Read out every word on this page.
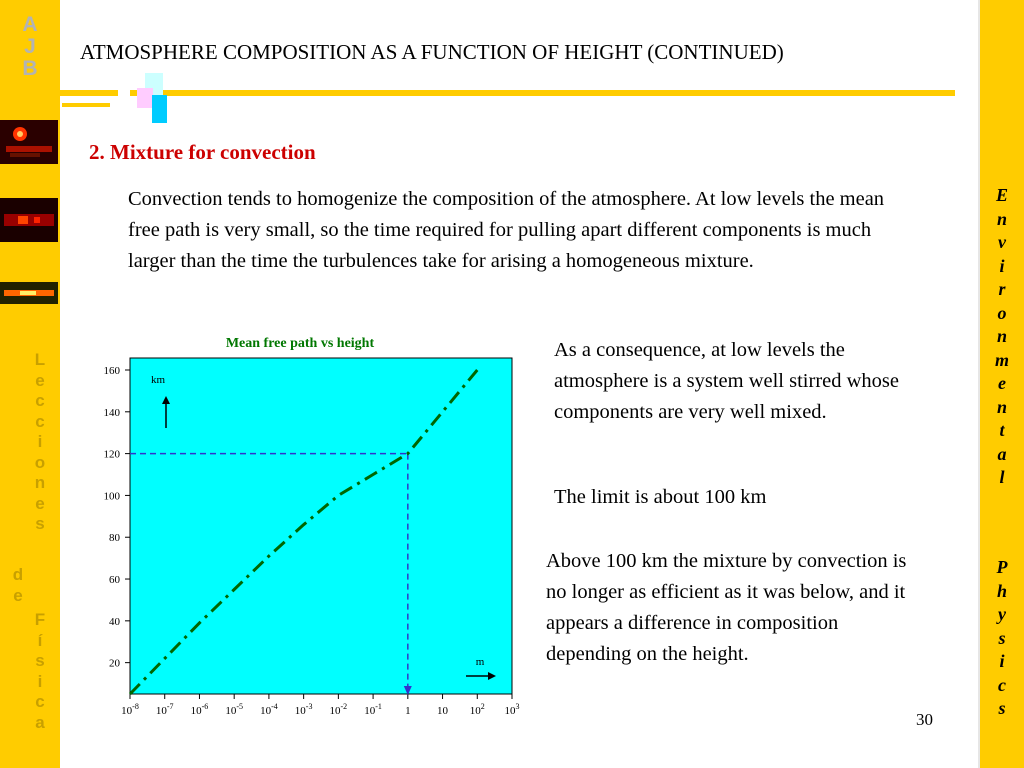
A
J
B
L
e
c
c
i
o
n
e
s
d
e
F
í
s
i
c
a
E
n
v
i
r
o
n
m
e
n
t
a
l
P
h
y
s
i
c
s
ATMOSPHERE COMPOSITION AS A FUNCTION OF HEIGHT (CONTINUED)
2. Mixture for convection
Convection tends to homogenize the composition of the atmosphere. At low levels the mean free path is very small, so the time required for pulling apart different components is much larger than the time the turbulences take for arising a homogeneous mixture.
As a consequence, at low levels the atmosphere is a system well stirred whose components are very well mixed.
The limit is about 100 km
Above 100 km the mixture by convection is no longer as efficient as it was below, and it appears a difference in composition depending on the height.
Mean free path vs height
20
40
60
80
100
120
140
160
$10^{-8}$ $10^{-7}$ $10^{-6}$ $10^{-5}$ $10^{-4}$ $10^{-3}$ $10^{-2}$ $10^{-1}$ 1 10 $10^2$ $10^3$
km
m
30
